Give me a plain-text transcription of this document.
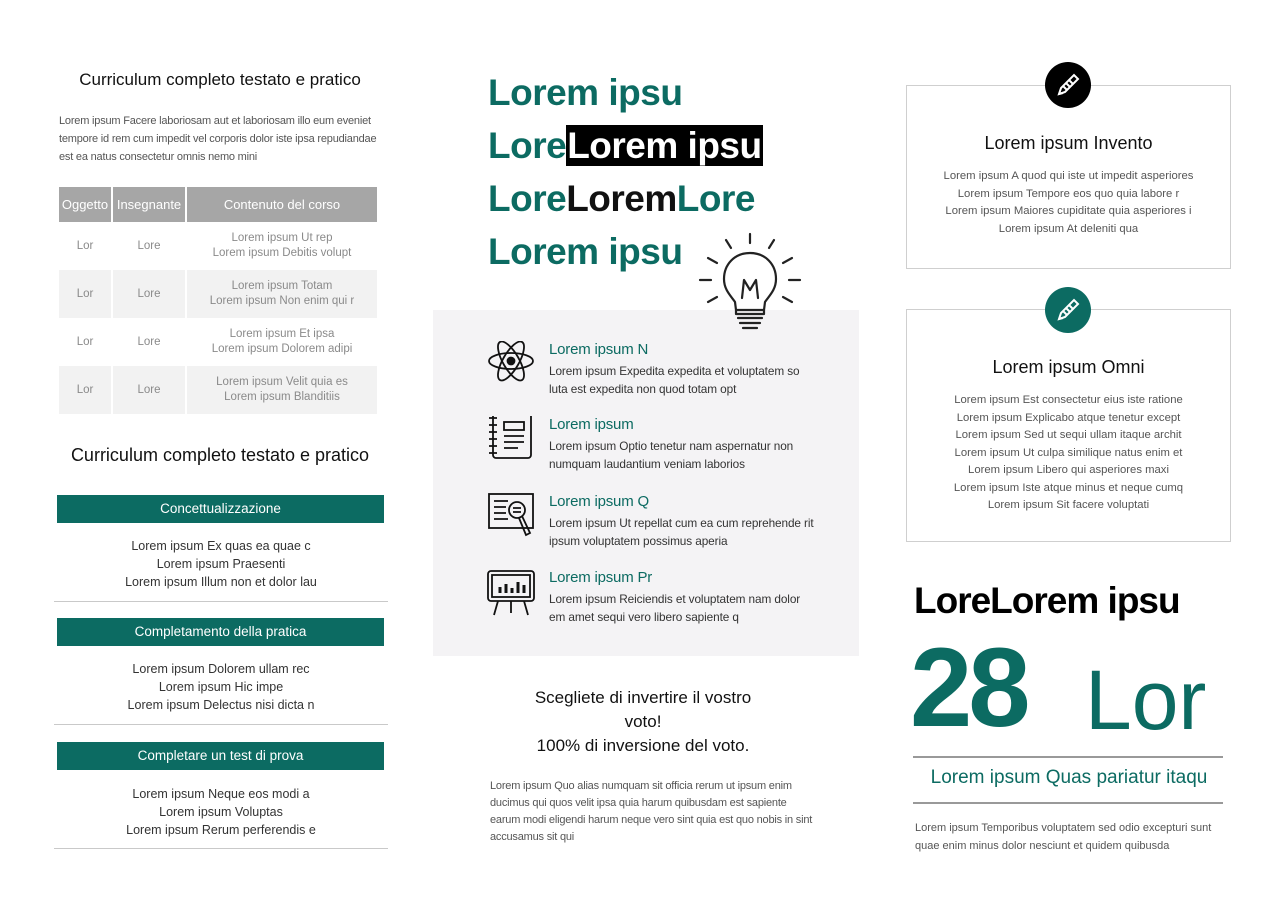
Curriculum completo testato e pratico
Lorem ipsum Facere laboriosam aut et laboriosam illo eum eveniet tempore id rem cum impedit vel corporis dolor iste ipsa repudiandae est ea natus consectetur omnis nemo mini
Oggetto	Insegnante	Contenuto del corso
Lor	Lore	Lorem ipsum Ut rep
Lorem ipsum Debitis volupt
Lor	Lore	Lorem ipsum Totam
Lorem ipsum Non enim qui r
Lor	Lore	Lorem ipsum Et ipsa
Lorem ipsum Dolorem adipi
Lor	Lore	Lorem ipsum Velit quia es
Lorem ipsum Blanditiis
Curriculum completo testato e pratico
Concettualizzazione
Lorem ipsum Ex quas ea quae c
Lorem ipsum Praesenti
Lorem ipsum Illum non et dolor lau
Completamento della pratica
Lorem ipsum Dolorem ullam rec
Lorem ipsum Hic impe
Lorem ipsum Delectus nisi dicta n
Completare un test di prova
Lorem ipsum Neque eos modi a
Lorem ipsum Voluptas
Lorem ipsum Rerum perferendis e
Lorem ipsu
LoreLorem ipsu
LoreLoremLore
Lorem ipsu
Lorem ipsum N
Lorem ipsum Expedita expedita et voluptatem so luta est expedita non quod totam opt
Lorem ipsum
Lorem ipsum Optio tenetur nam aspernatur non numquam laudantium veniam laborios
Lorem ipsum Q
Lorem ipsum Ut repellat cum ea cum reprehende rit ipsum voluptatem possimus aperia
Lorem ipsum Pr
Lorem ipsum Reiciendis et voluptatem nam dolor em amet sequi vero libero sapiente q
Scegliete di invertire il vostro
voto!
100% di inversione del voto.
Lorem ipsum Quo alias numquam sit officia rerum ut ipsum enim ducimus qui quos velit ipsa quia harum quibusdam est sapiente earum modi eligendi harum neque vero sint quia est quo nobis in sint accusamus sit qui
Lorem ipsum Invento
Lorem ipsum A quod qui iste ut impedit asperiores
Lorem ipsum Tempore eos quo quia labore r
Lorem ipsum Maiores cupiditate quia asperiores i
Lorem ipsum At deleniti qua
Lorem ipsum Omni
Lorem ipsum Est consectetur eius iste ratione
Lorem ipsum Explicabo atque tenetur except
Lorem ipsum Sed ut sequi ullam itaque archit
Lorem ipsum Ut culpa similique natus enim et
Lorem ipsum Libero qui asperiores maxi
Lorem ipsum Iste atque minus et neque cumq
Lorem ipsum Sit facere voluptati
LoreLorem ipsu
28 Lor
Lorem ipsum Quas pariatur itaqu
Lorem ipsum Temporibus voluptatem sed odio excepturi sunt quae enim minus dolor nesciunt et quidem quibusda
